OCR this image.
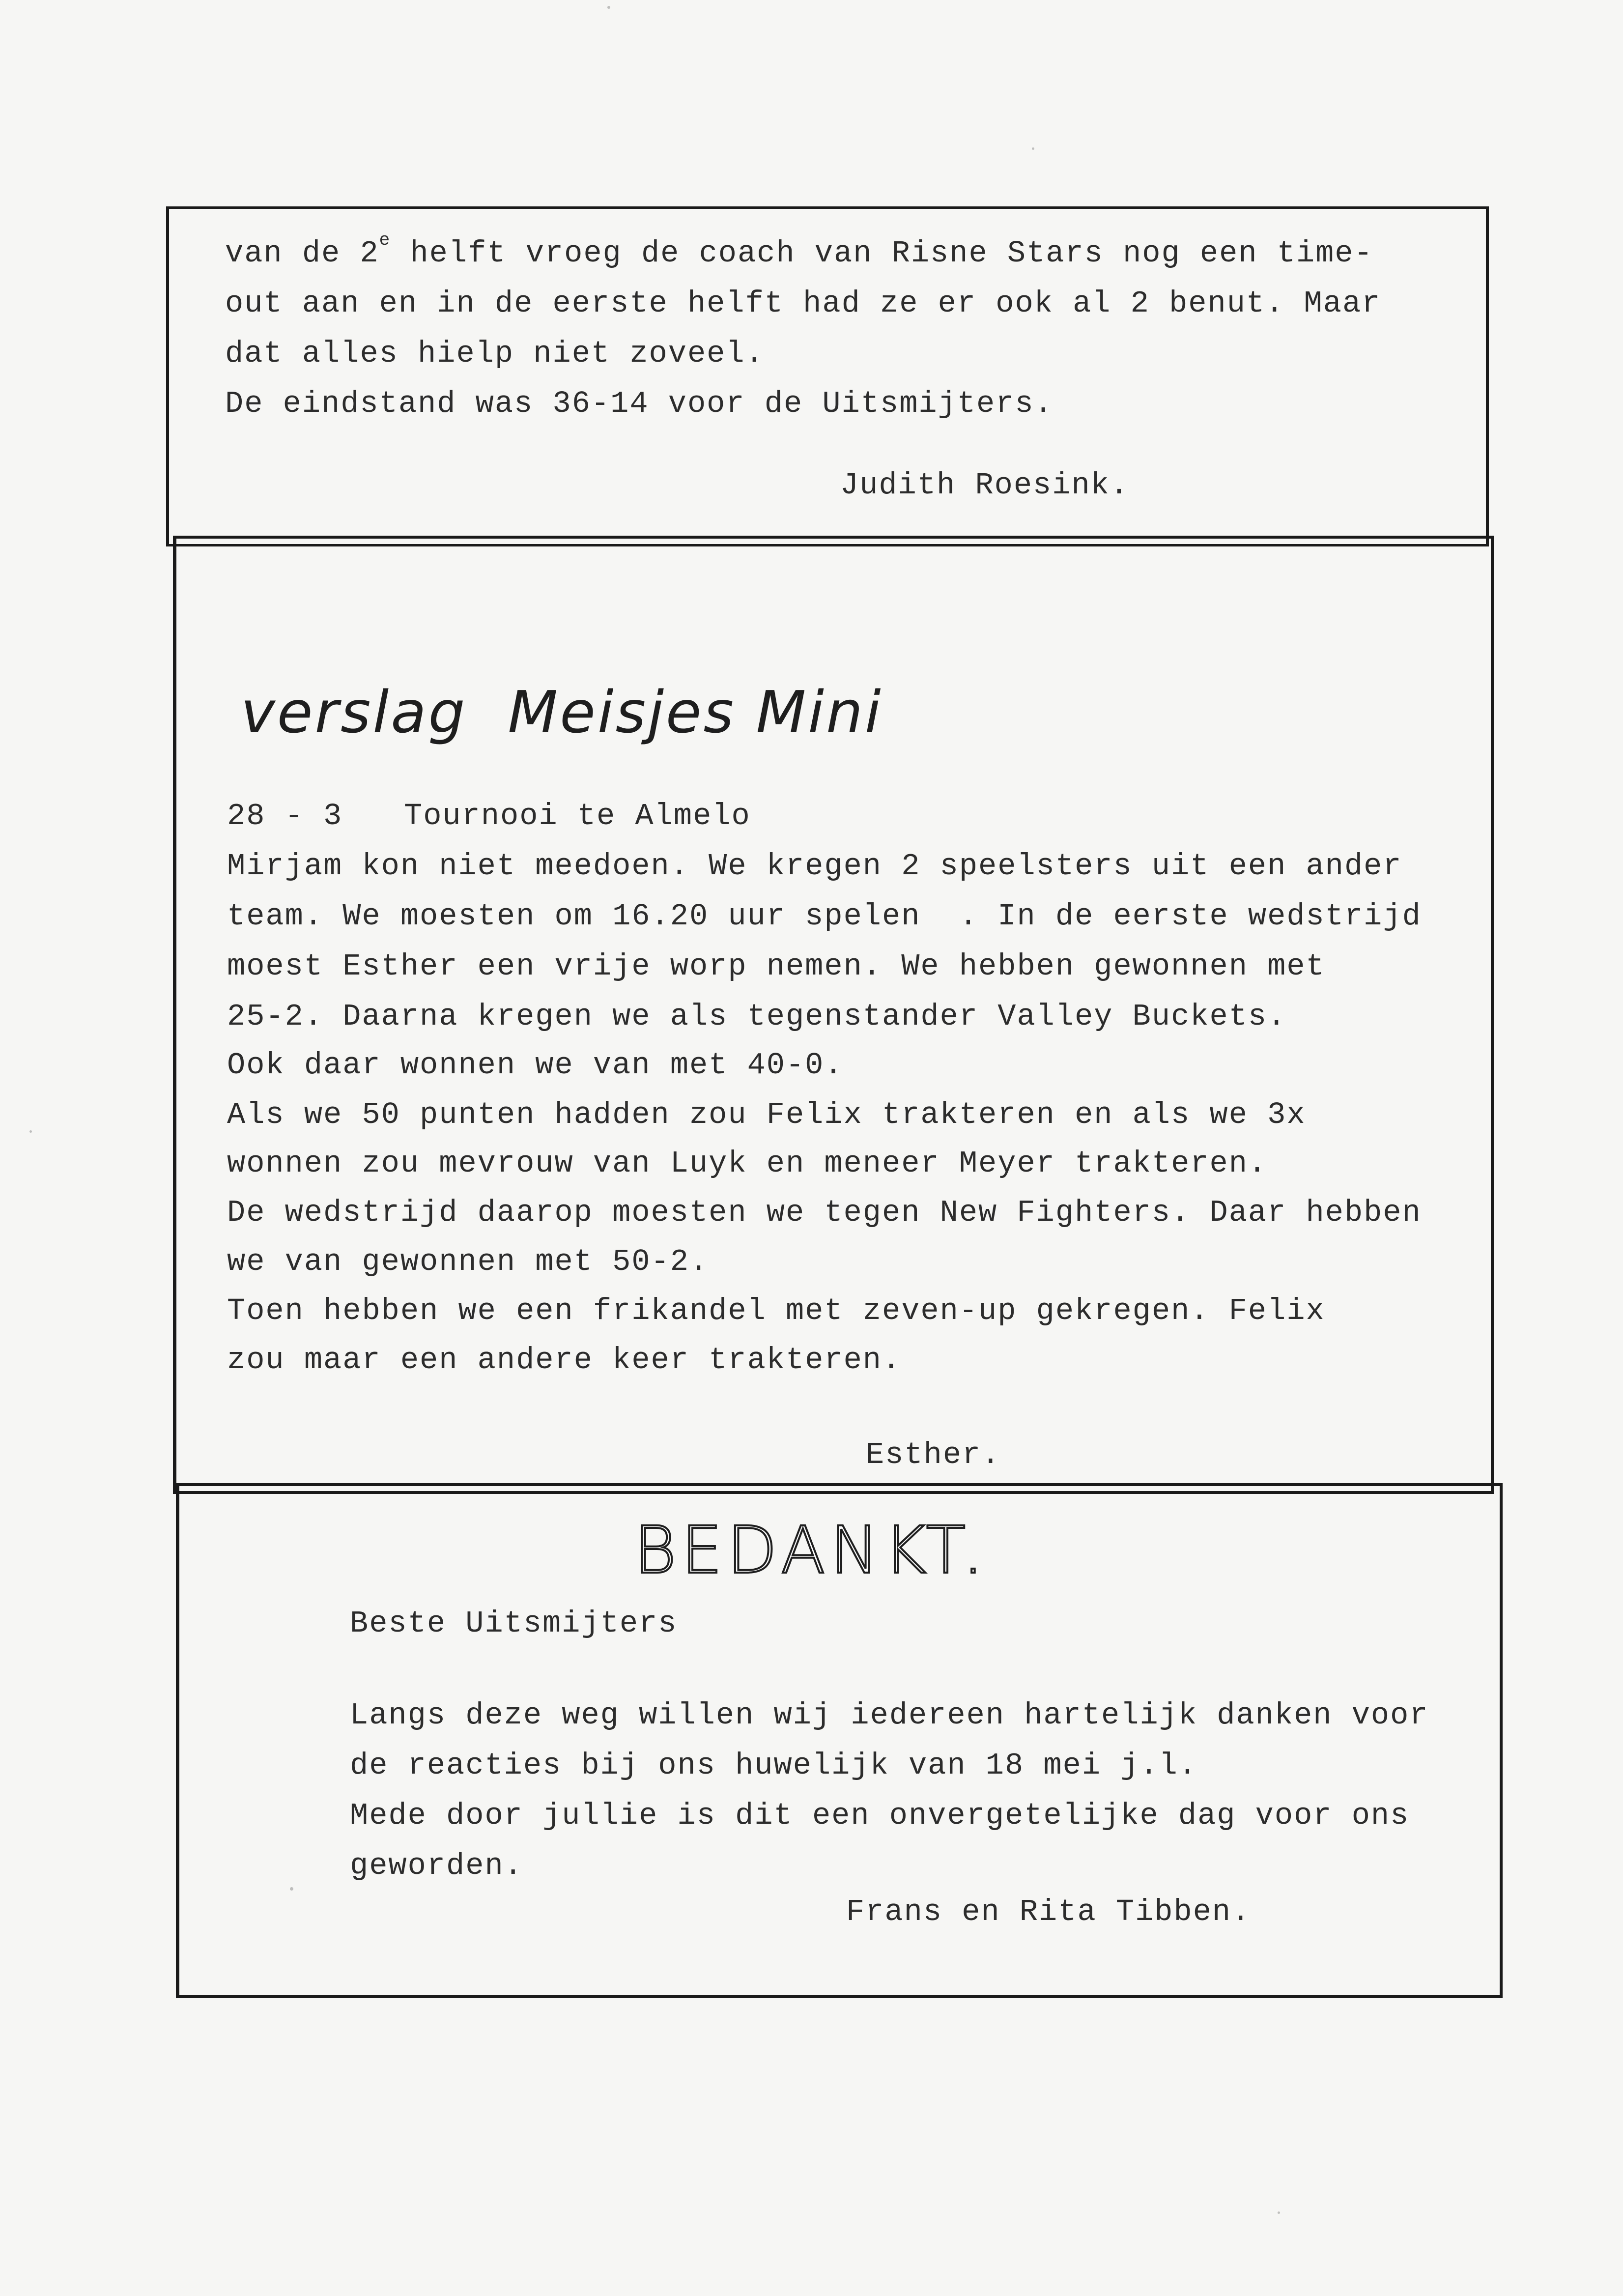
van de 2e helft vroeg de coach van Risne Stars nog een time-
out aan en in de eerste helft had ze er ook al 2 benut. Maar
dat alles hielp niet zoveel.
De eindstand was 36-14 voor de Uitsmijters.
Judith Roesink.
verslag  Meisjes Mini
28 - 3 Tournooi te Almelo
Mirjam kon niet meedoen. We kregen 2 speelsters uit een ander
team. We moesten om 16.20 uur spelen  . In de eerste wedstrijd
moest Esther een vrije worp nemen. We hebben gewonnen met
25-2. Daarna kregen we als tegenstander Valley Buckets.
Ook daar wonnen we van met 40-0.
Als we 50 punten hadden zou Felix trakteren en als we 3x
wonnen zou mevrouw van Luyk en meneer Meyer trakteren.
De wedstrijd daarop moesten we tegen New Fighters. Daar hebben
we van gewonnen met 50-2.
Toen hebben we een frikandel met zeven-up gekregen. Felix
zou maar een andere keer trakteren.
Esther.
BEDANKT.
Beste Uitsmijters
Langs deze weg willen wij iedereen hartelijk danken voor
de reacties bij ons huwelijk van 18 mei j.l.
Mede door jullie is dit een onvergetelijke dag voor ons
geworden.
Frans en Rita Tibben.
